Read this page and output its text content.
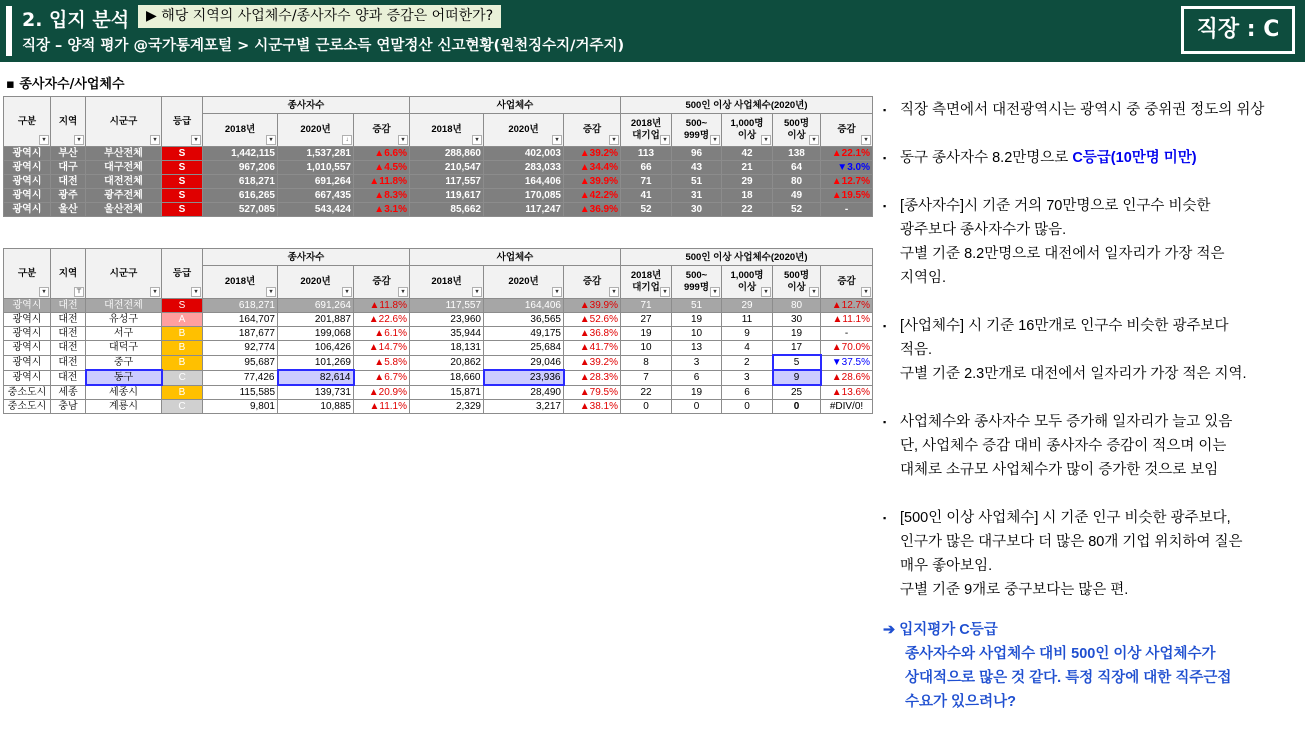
2. 입지 분석	▶ 해당 지역의 사업체수/종사자수 양과 증감은 어떠한가?
직장 – 양적 평가 @국가통계포털 > 시군구별 근로소득 연말정산 신고현황(원천징수지/거주지)
직장 : C
▪ 종사자수/사업체수
구분
▾	지역
▾	시군구
▾	등급
▾	종사자수			사업체수			500인 이상 사업체수(2020년)				
				2018년
▾	2020년
↓	증감
▾	2018년
▾	2020년
▾	증감
▾	2018년
대기업 ▾	500~
999명 ▾	1,000명
이상 ▾	500명
이상 ▾	증감
▾

광역시	부산	부산전체	S	1,442,115	1,537,281	▲6.6%	288,860	402,003	▲39.2%	113	96	42	138	▲22.1%
광역시	대구	대구전체	S	967,206	1,010,557	▲4.5%	210,547	283,033	▲34.4%	66	43	21	64	▼3.0%
광역시	대전	대전전체	S	618,271	691,264	▲11.8%	117,557	164,406	▲39.9%	71	51	29	80	▲12.7%
광역시	광주	광주전체	S	616,265	667,435	▲8.3%	119,617	170,085	▲42.2%	41	31	18	49	▲19.5%
광역시	울산	울산전체	S	527,085	543,424	▲3.1%	85,662	117,247	▲36.9%	52	30	22	52	-
구분
▾	지역
⊤	시군구
▾	등급
▾	종사자수			사업체수			500인 이상 사업체수(2020년)				
				2018년
▾	2020년
▾	증감
▾	2018년
▾	2020년
▾	증감
▾	2018년
대기업 ▾	500~
999명 ▾	1,000명
이상 ▾	500명
이상 ▾	증감
▾

광역시	대전	대전전체	S	618,271	691,264	▲11.8%	117,557	164,406	▲39.9%	71	51	29	80	▲12.7%
광역시	대전	유성구	A	164,707	201,887	▲22.6%	23,960	36,565	▲52.6%	27	19	11	30	▲11.1%
광역시	대전	서구	B	187,677	199,068	▲6.1%	35,944	49,175	▲36.8%	19	10	9	19	-
광역시	대전	대덕구	B	92,774	106,426	▲14.7%	18,131	25,684	▲41.7%	10	13	4	17	▲70.0%
광역시	대전	중구	B	95,687	101,269	▲5.8%	20,862	29,046	▲39.2%	8	3	2	5	▼37.5%
광역시	대전	동구	C	77,426	82,614	▲6.7%	18,660	23,936	▲28.3%	7	6	3	9	▲28.6%
중소도시	세종	세종시	B	115,585	139,731	▲20.9%	15,871	28,490	▲79.5%	22	19	6	25	▲13.6%
중소도시	충남	계룡시	C	9,801	10,885	▲11.1%	2,329	3,217	▲38.1%	0	0	0	0	#DIV/0!
▪ 직장 측면에서 대전광역시는 광역시 중 중위권 정도의 위상
▪ 동구 종사자수 8.2만명으로 C등급(10만명 미만)
▪ [종사자수]시 기준 거의 70만명으로 인구수 비슷한
광주보다 종사자수가 많음.
구별 기준 8.2만명으로 대전에서 일자리가 가장 적은
지역임.
▪ [사업체수] 시 기준 16만개로 인구수 비슷한 광주보다
적음.
구별 기준 2.3만개로 대전에서 일자리가 가장 적은 지역.
▪ 사업체수와 종사자수 모두 증가해 일자리가 늘고 있음
단, 사업체수 증감 대비 종사자수 증감이 적으며 이는
대체로 소규모 사업체수가 많이 증가한 것으로 보임
▪ [500인 이상 사업체수] 시 기준 인구 비슷한 광주보다,
인구가 많은 대구보다 더 많은 80개 기업 위치하여 질은
매우 좋아보임.
구별 기준 9개로 중구보다는 많은 편.
➔ 입지평가 C등급
종사자수와 사업체수 대비 500인 이상 사업체수가
상대적으로 많은 것 같다. 특정 직장에 대한 직주근접
수요가 있으려나?
